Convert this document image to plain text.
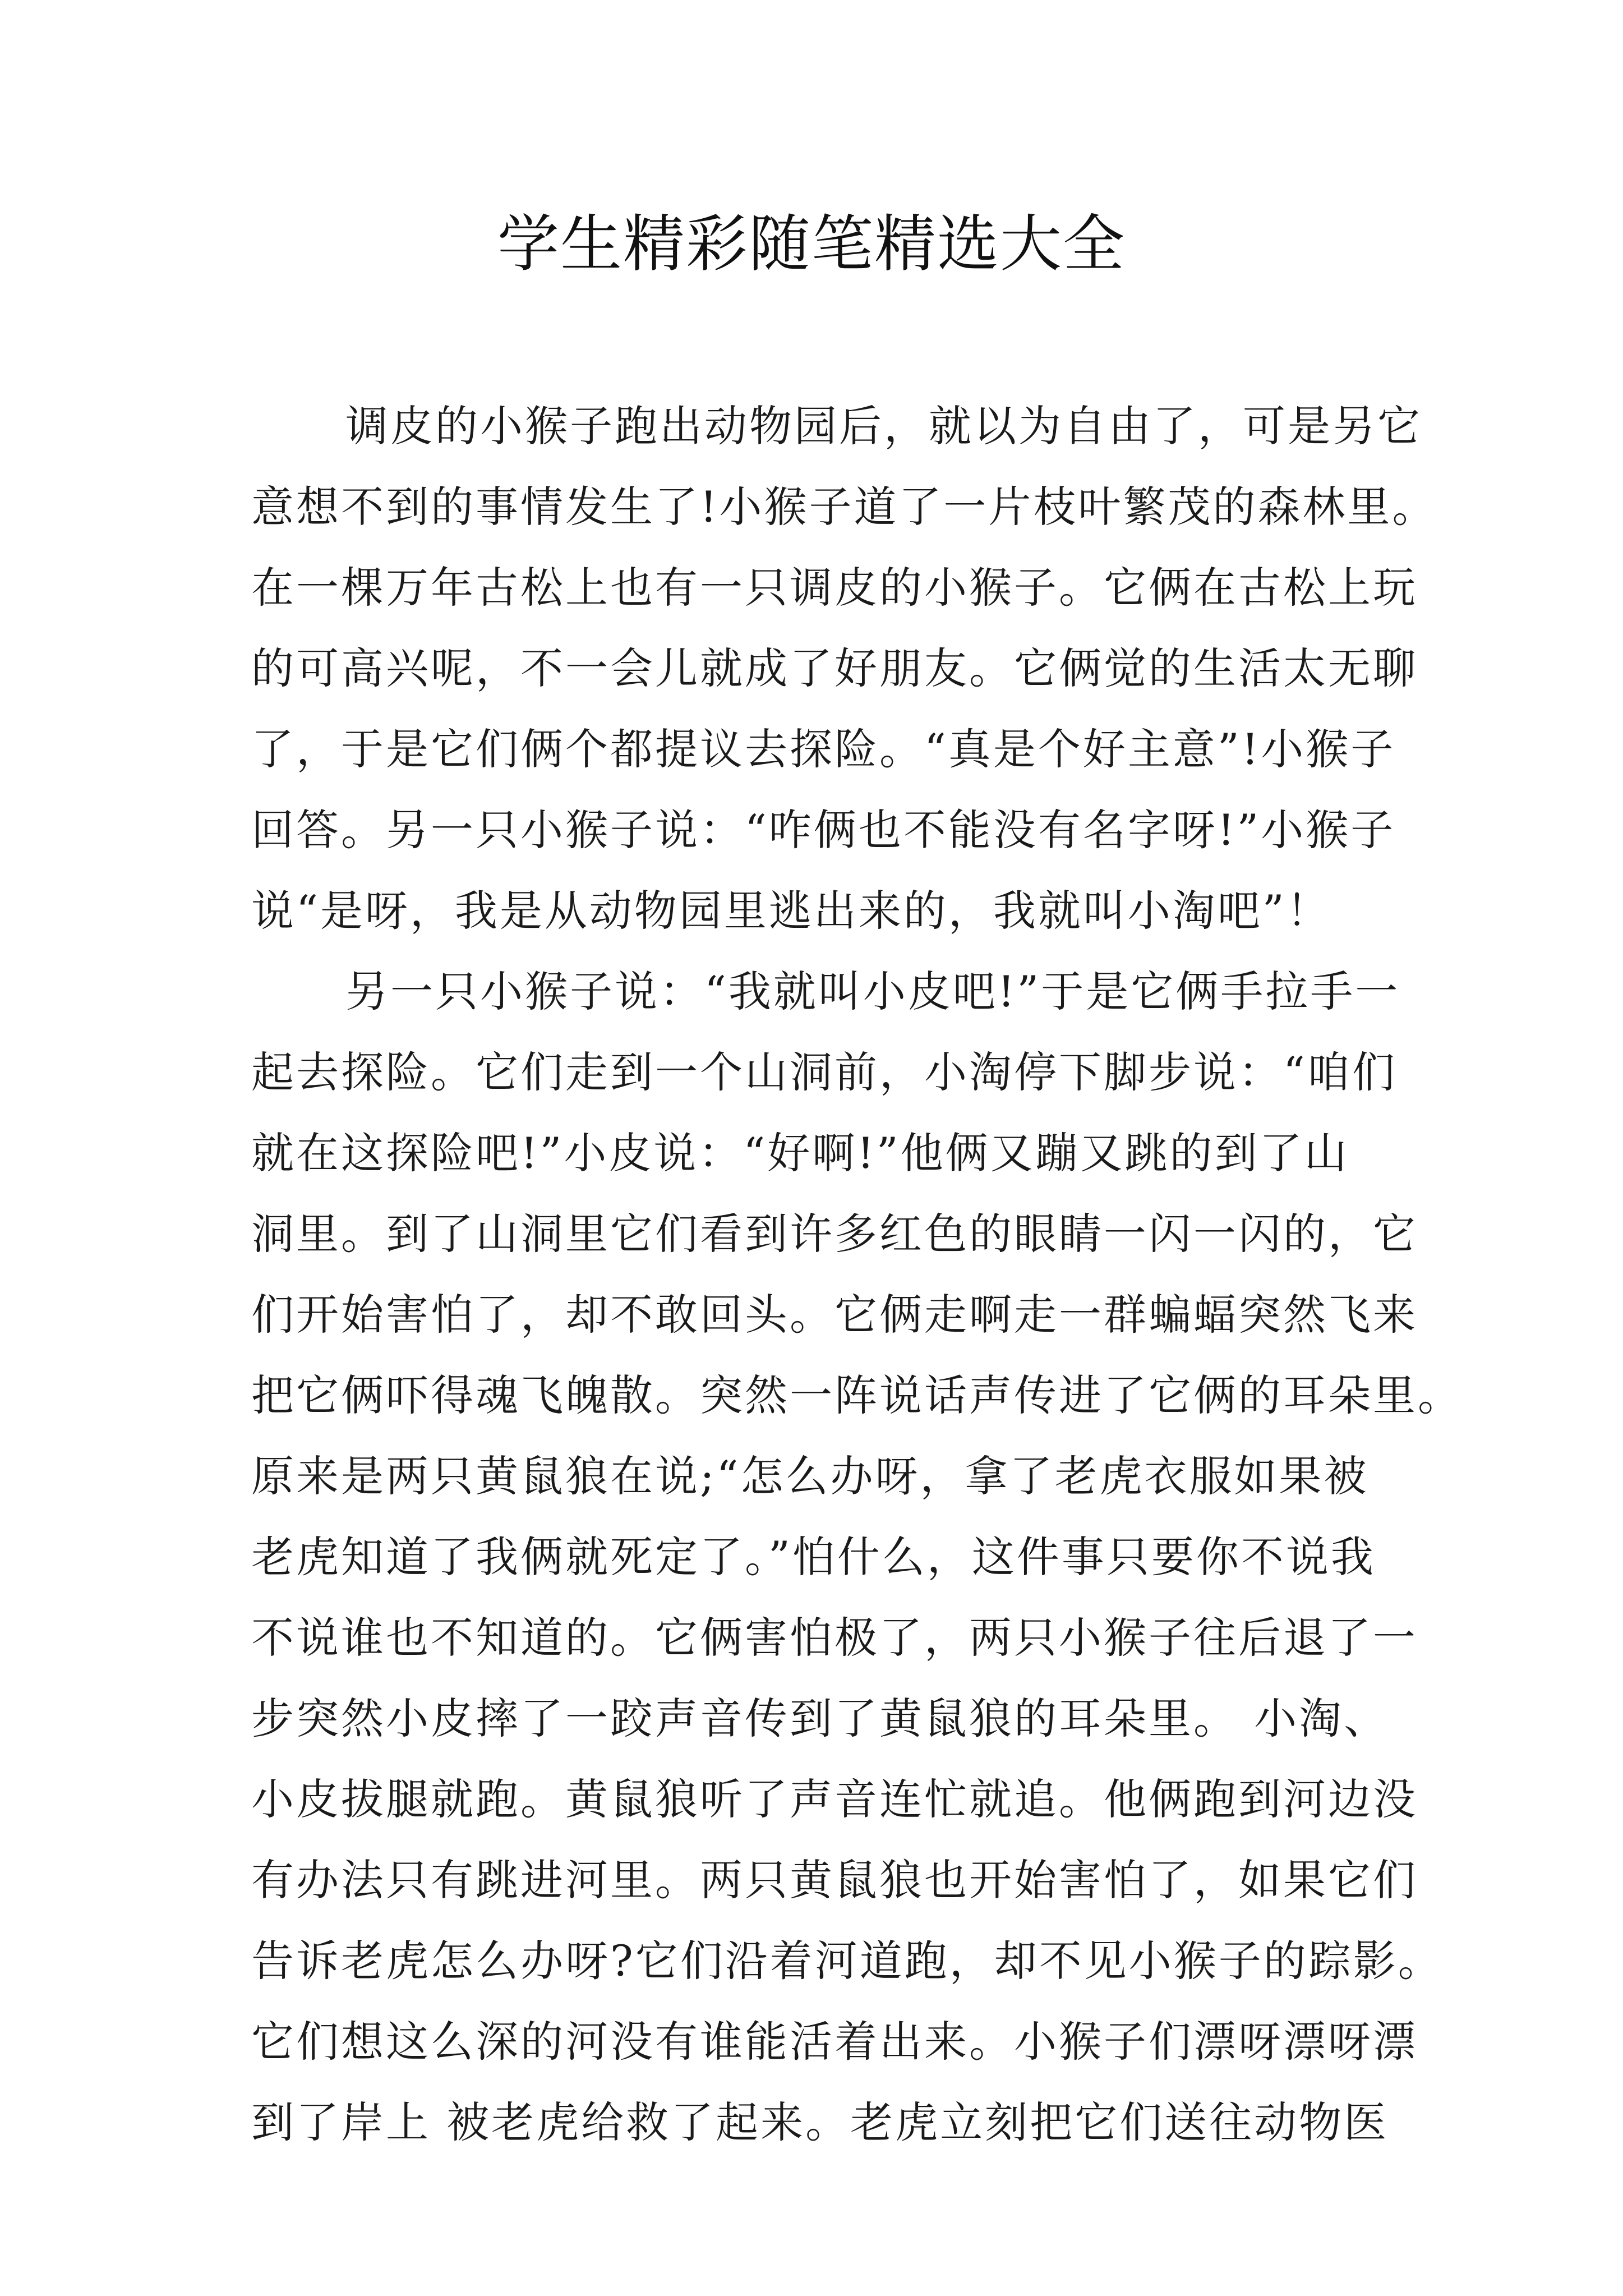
学生精彩随笔精选大全
调皮的小猴子跑出动物园后，就以为自由了，可是另它
意想不到的事情发生了!小猴子道了一片枝叶繁茂的森林里。
在一棵万年古松上也有一只调皮的小猴子。它俩在古松上玩
的可高兴呢，不一会儿就成了好朋友。它俩觉的生活太无聊
了，于是它们俩个都提议去探险。“真是个好主意”!小猴子
回答。另一只小猴子说：“咋俩也不能没有名字呀!”小猴子
说“是呀，我是从动物园里逃出来的，我就叫小淘吧”！
另一只小猴子说：“我就叫小皮吧!”于是它俩手拉手一
起去探险。它们走到一个山洞前，小淘停下脚步说：“咱们
就在这探险吧!”小皮说：“好啊!”他俩又蹦又跳的到了山
洞里。到了山洞里它们看到许多红色的眼睛一闪一闪的，它
们开始害怕了，却不敢回头。它俩走啊走一群蝙蝠突然飞来
把它俩吓得魂飞魄散。突然一阵说话声传进了它俩的耳朵里。
原来是两只黄鼠狼在说;“怎么办呀，拿了老虎衣服如果被
老虎知道了我俩就死定了。”怕什么，这件事只要你不说我
不说谁也不知道的。它俩害怕极了，两只小猴子往后退了一
步突然小皮摔了一跤声音传到了黄鼠狼的耳朵里。 小淘、
小皮拔腿就跑。黄鼠狼听了声音连忙就追。他俩跑到河边没
有办法只有跳进河里。两只黄鼠狼也开始害怕了，如果它们
告诉老虎怎么办呀?它们沿着河道跑，却不见小猴子的踪影。
它们想这么深的河没有谁能活着出来。小猴子们漂呀漂呀漂
到了岸上 被老虎给救了起来。老虎立刻把它们送往动物医
